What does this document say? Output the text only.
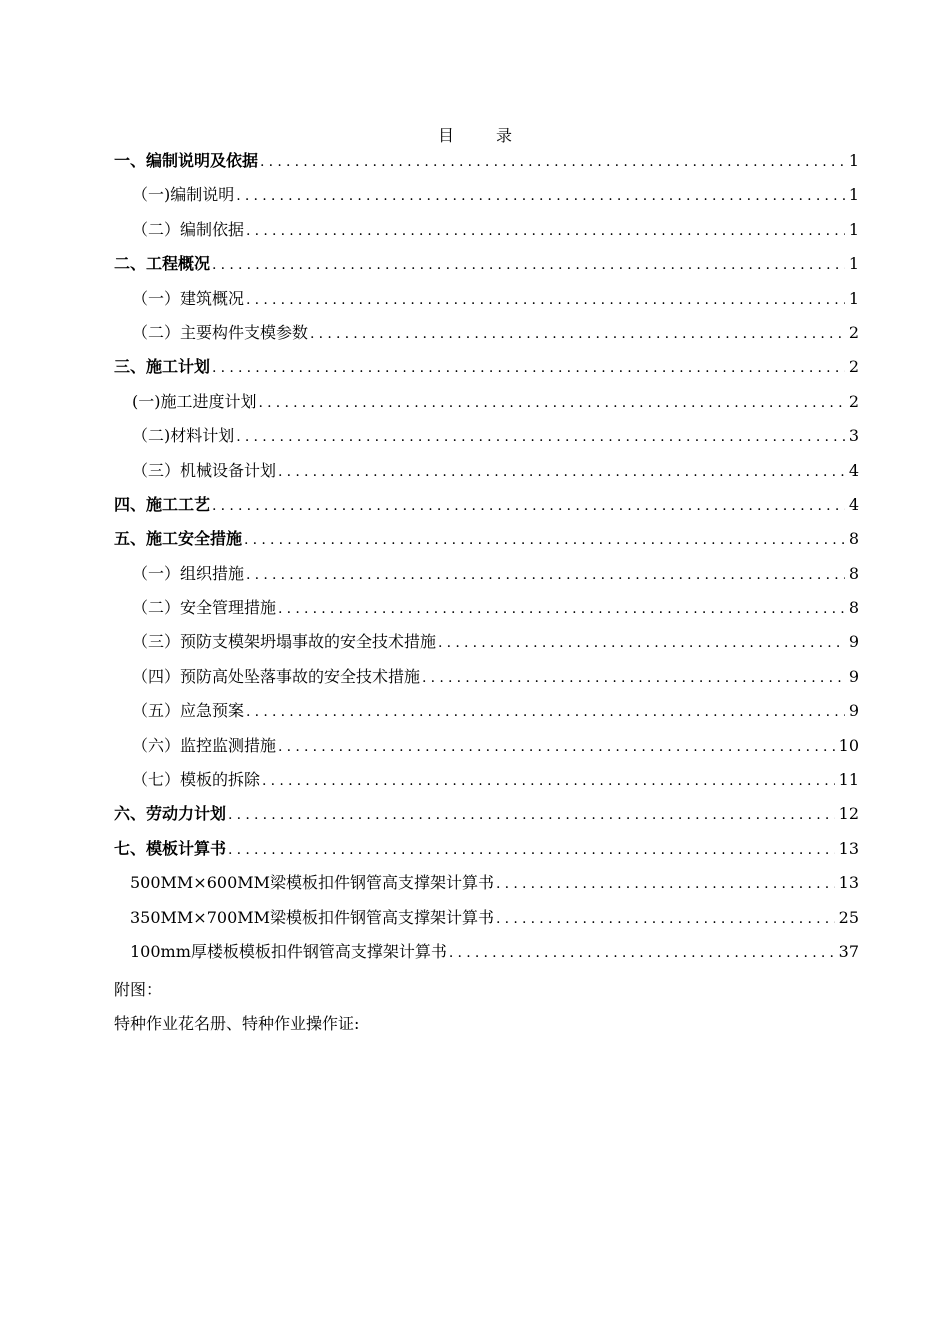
目	录
一、编制说明及依据 .....	1
（一)编制说明 .....	1
（二）编制依据 .....	1
二、工程概况 .....	1
（一）建筑概况 .....	1
（二）主要构件支模参数 .....	2
三、施工计划 .....	2
(一)施工进度计划 .....	2
（二)材料计划 .....	3
（三）机械设备计划 .....	4
四、施工工艺 .....	4
五、施工安全措施 .....	8
（一）组织措施 .....	8
（二）安全管理措施 .....	8
（三）预防支模架坍塌事故的安全技术措施 .....	9
（四）预防高处坠落事故的安全技术措施 .....	9
（五）应急预案 .....	9
（六）监控监测措施 .....	10
（七）模板的拆除 .....	11
六、劳动力计划 .....	12
七、模板计算书 .....	13
500MM×600MM梁模板扣件钢管高支撑架计算书 .....	13
350MM×700MM梁模板扣件钢管高支撑架计算书 .....	25
100mm厚楼板模板扣件钢管高支撑架计算书 .....	37
附图：
特种作业花名册、特种作业操作证:
